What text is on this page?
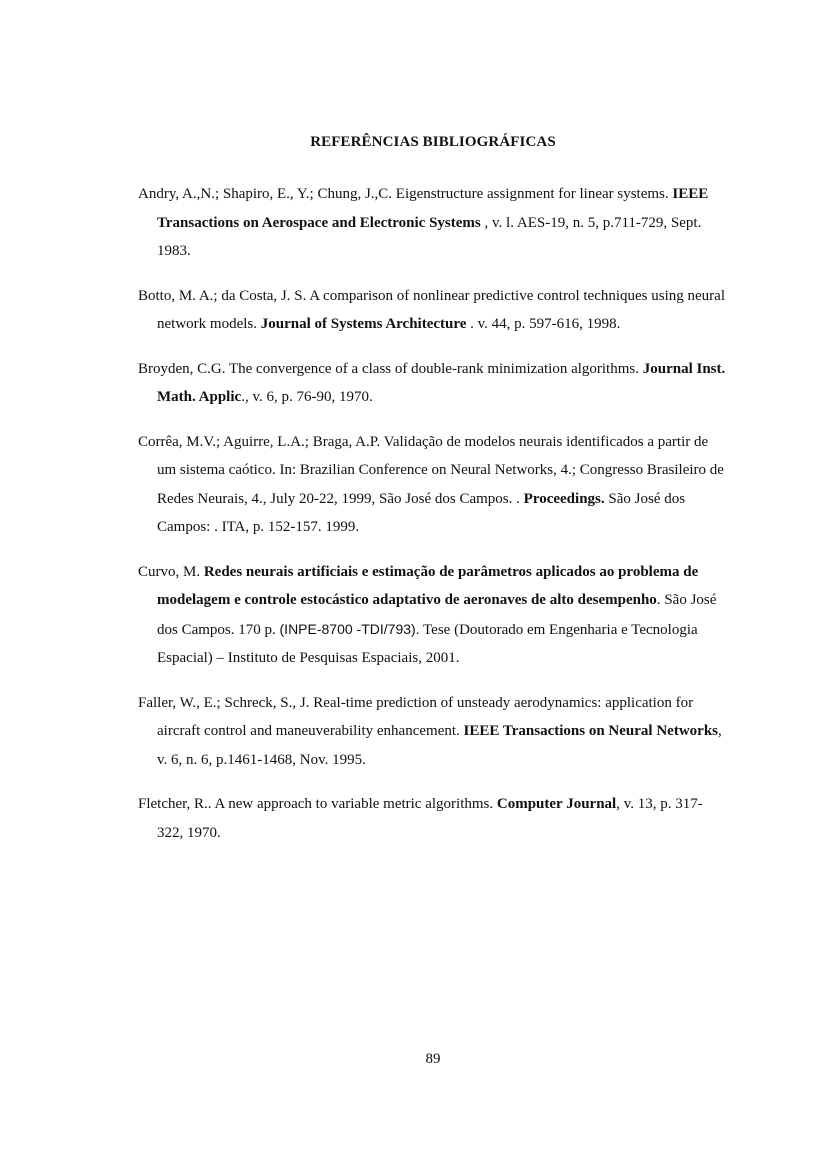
REFERÊNCIAS BIBLIOGRÁFICAS

Andry, A.,N.; Shapiro, E., Y.; Chung, J.,C. Eigenstructure assignment for linear systems. IEEE Transactions on Aerospace and Electronic Systems , v. l. AES-19, n. 5, p.711-729, Sept. 1983.

Botto, M. A.; da Costa, J. S. A comparison of nonlinear predictive control techniques using neural network models. Journal of Systems Architecture . v. 44, p. 597-616, 1998.

Broyden, C.G. The convergence of a class of double-rank minimization algorithms. Journal Inst. Math. Applic., v. 6, p. 76-90, 1970.

Corrêa, M.V.; Aguirre, L.A.; Braga, A.P. Validação de modelos neurais identificados a partir de um sistema caótico. In: Brazilian Conference on Neural Networks, 4.; Congresso Brasileiro de Redes Neurais, 4., July 20-22, 1999, São José dos Campos. . Proceedings. São José dos Campos: . ITA, p. 152-157. 1999.

Curvo, M. Redes neurais artificiais e estimação de parâmetros aplicados ao problema de modelagem e controle estocástico adaptativo de aeronaves de alto desempenho. São José dos Campos. 170 p. (INPE-8700 -TDI/793). Tese (Doutorado em Engenharia e Tecnologia Espacial) – Instituto de Pesquisas Espaciais, 2001.

Faller, W., E.; Schreck, S., J. Real-time prediction of unsteady aerodynamics: application for aircraft control and maneuverability enhancement. IEEE Transactions on Neural Networks, v. 6, n. 6, p.1461-1468, Nov. 1995.

Fletcher, R.. A new approach to variable metric algorithms. Computer Journal, v. 13, p. 317-322, 1970.

89
